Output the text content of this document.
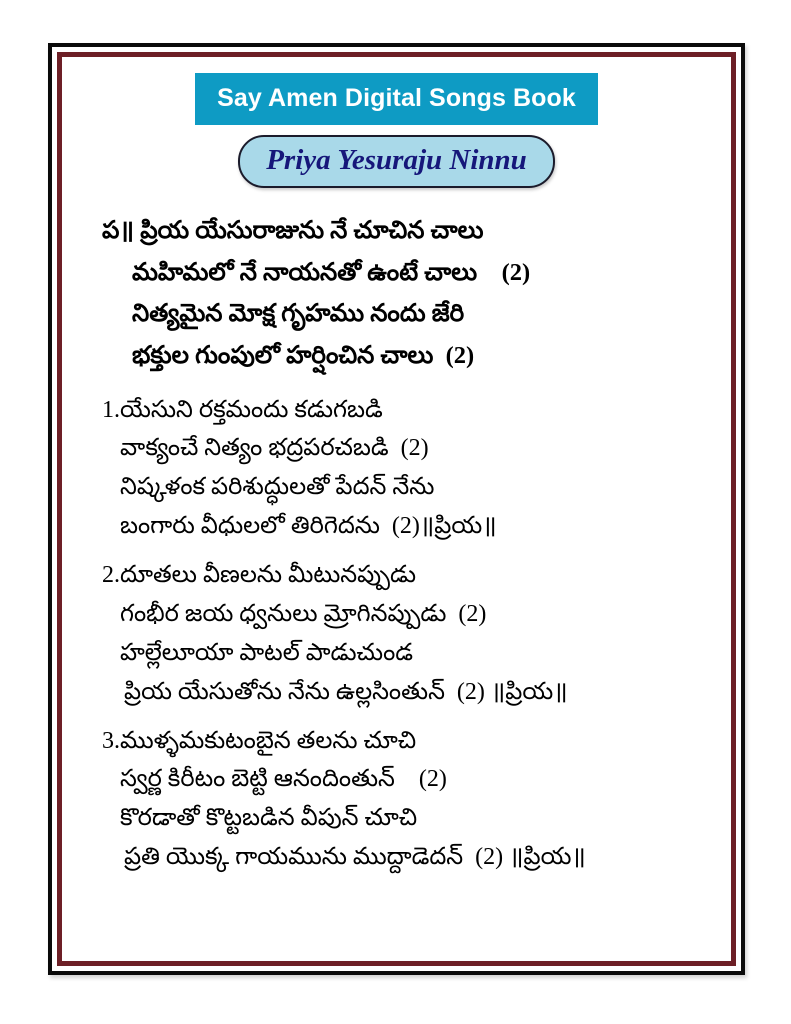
Say Amen Digital Songs Book
Priya Yesuraju Ninnu
ప॥ ప్రియ యేసురాజును నే చూచిన చాలు
మహిమలో నే నాయనతో ఉంటే చాలు    (2)
నిత్యమైన మోక్ష గృహము నందు జేరి
భక్తుల గుంపులో హర్షించిన చాలు  (2)
1.యేసుని రక్తమందు కడుగబడి
వాక్యంచే నిత్యం భద్రపరచబడి  (2)
నిష్కళంక పరిశుద్ధులతో పేదన్ నేను
బంగారు వీధులలో తిరిగెదను  (2)॥ప్రియ॥
2.దూతలు వీణలను మీటునప్పుడు
గంభీర జయ ధ్వనులు మ్రోగినప్పుడు  (2)
హల్లేలూయా పాటల్ పాడుచుండ
ప్రియ యేసుతోను నేను ఉల్లసింతున్  (2) ॥ప్రియ॥
3.ముళ్ళమకుటంబైన తలను చూచి
స్వర్ణ కిరీటం బెట్టి ఆనందింతున్    (2)
కొరడాతో కొట్టబడిన వీపున్ చూచి
ప్రతి యొక్క గాయమును ముద్దాడెదన్  (2) ॥ప్రియ॥
